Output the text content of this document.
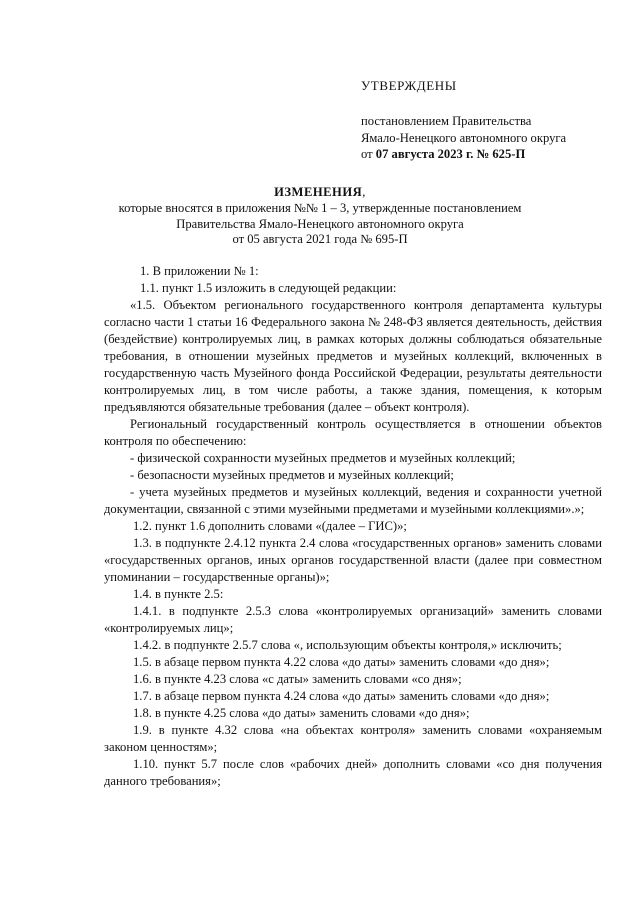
УТВЕРЖДЕНЫ
постановлением Правительства
Ямало-Ненецкого автономного округа
от 07 августа 2023 г. № 625-П
ИЗМЕНЕНИЯ,
которые вносятся в приложения №№ 1 – 3, утвержденные постановлением
Правительства Ямало-Ненецкого автономного округа
от 05 августа 2021 года № 695-П

1. В приложении № 1:

1.1. пункт 1.5 изложить в следующей редакции:

«1.5. Объектом регионального государственного контроля департамента культуры согласно части 1 статьи 16 Федерального закона № 248-ФЗ является деятельность, действия (бездействие) контролируемых лиц, в рамках которых должны соблюдаться обязательные требования, в отношении музейных предметов и музейных коллекций, включенных в государственную часть Музейного фонда Российской Федерации, результаты деятельности контролируемых лиц, в том числе работы, а также здания, помещения, к которым предъявляются обязательные требования (далее – объект контроля).

Региональный государственный контроль осуществляется в отношении объектов контроля по обеспечению:

- физической сохранности музейных предметов и музейных коллекций;

- безопасности музейных предметов и музейных коллекций;

- учета музейных предметов и музейных коллекций, ведения и сохранности учетной документации, связанной с этими музейными предметами и музейными коллекциями».»;

1.2. пункт 1.6 дополнить словами «(далее – ГИС)»;

1.3. в подпункте 2.4.12 пункта 2.4 слова «государственных органов» заменить словами «государственных органов, иных органов государственной власти (далее при совместном упоминании – государственные органы)»;

1.4. в пункте 2.5:

1.4.1. в подпункте 2.5.3 слова «контролируемых организаций» заменить словами «контролируемых лиц»;

1.4.2. в подпункте 2.5.7 слова «, использующим объекты контроля,» исключить;

1.5. в абзаце первом пункта 4.22 слова «до даты» заменить словами «до дня»;

1.6. в пункте 4.23 слова «с даты» заменить словами «со дня»;

1.7. в абзаце первом пункта 4.24 слова «до даты» заменить словами «до дня»;

1.8. в пункте 4.25 слова «до даты» заменить словами «до дня»;

1.9. в пункте 4.32 слова «на объектах контроля» заменить словами «охраняемым законом ценностям»;

1.10. пункт 5.7 после слов «рабочих дней» дополнить словами «со дня получения данного требования»;
